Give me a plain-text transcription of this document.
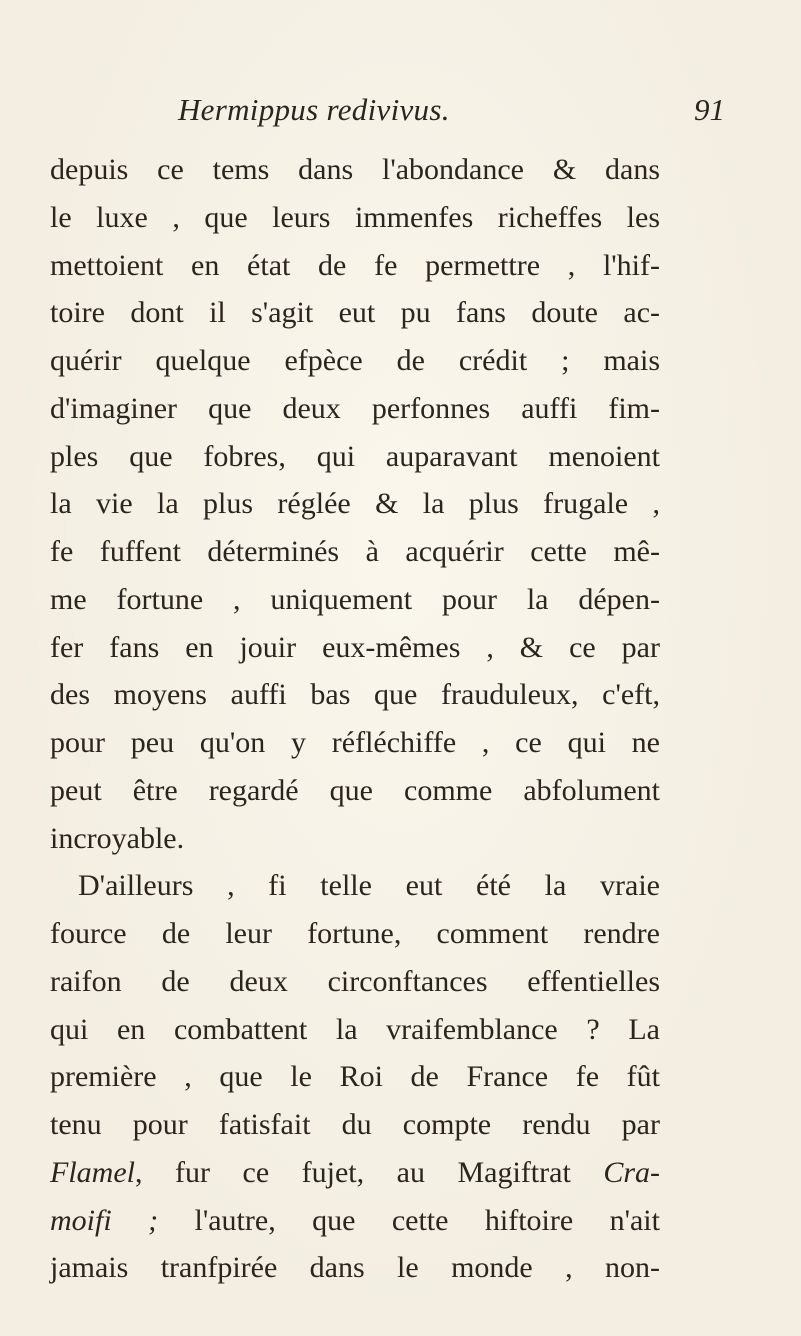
Hermippus redivivus.	91
depuis ce tems dans l'abondance & dans
le luxe , que leurs immenfes richeffes les
mettoient en état de fe permettre , l'hif-
toire dont il s'agit eut pu fans doute ac-
quérir quelque efpèce de crédit ; mais
d'imaginer que deux perfonnes auffi fim-
ples que fobres, qui auparavant menoient
la vie la plus réglée & la plus frugale ,
fe fuffent déterminés à acquérir cette mê-
me fortune , uniquement pour la dépen-
fer fans en jouir eux-mêmes , & ce par
des moyens auffi bas que frauduleux, c'eft,
pour peu qu'on y réfléchiffe , ce qui ne
peut être regardé que comme abfolument
incroyable.
D'ailleurs , fi telle eut été la vraie
fource de leur fortune, comment rendre
raifon de deux circonftances effentielles
qui en combattent la vraifemblance ? La
première , que le Roi de France fe fût
tenu pour fatisfait du compte rendu par
Flamel, fur ce fujet, au Magiftrat Cra-
moifi ; l'autre, que cette hiftoire n'ait
jamais tranfpirée dans le monde , non-
